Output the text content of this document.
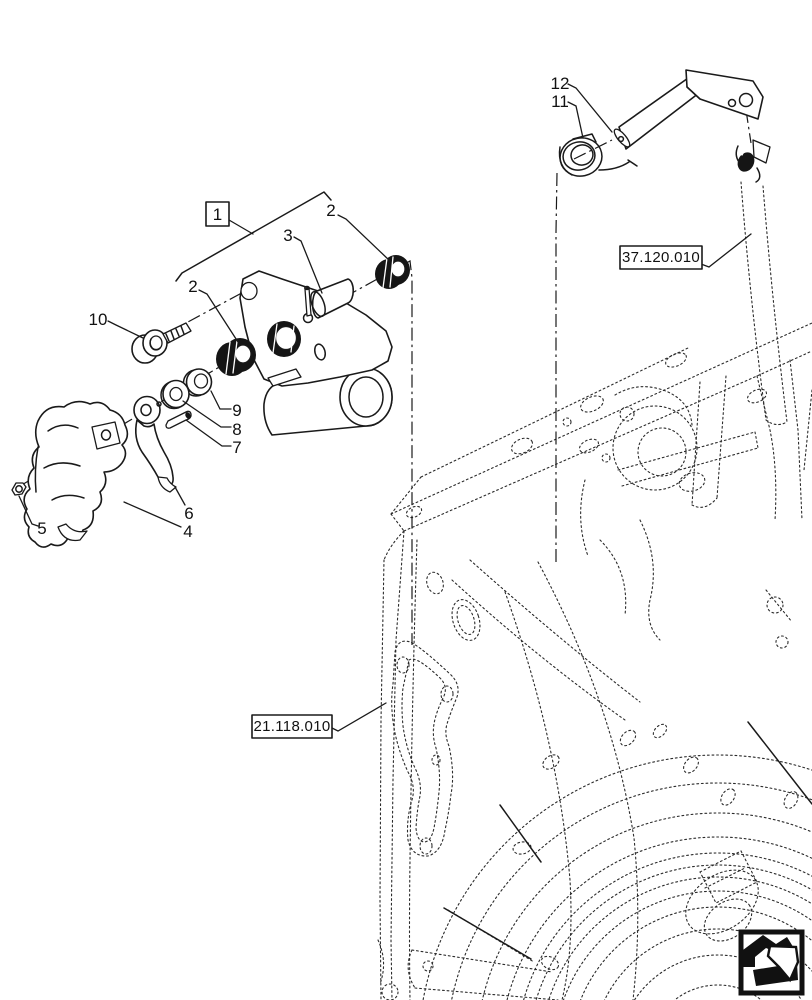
12
11
1	2
3
2
10
9
8
7
6
4
5
37.120.010
21.118.010
